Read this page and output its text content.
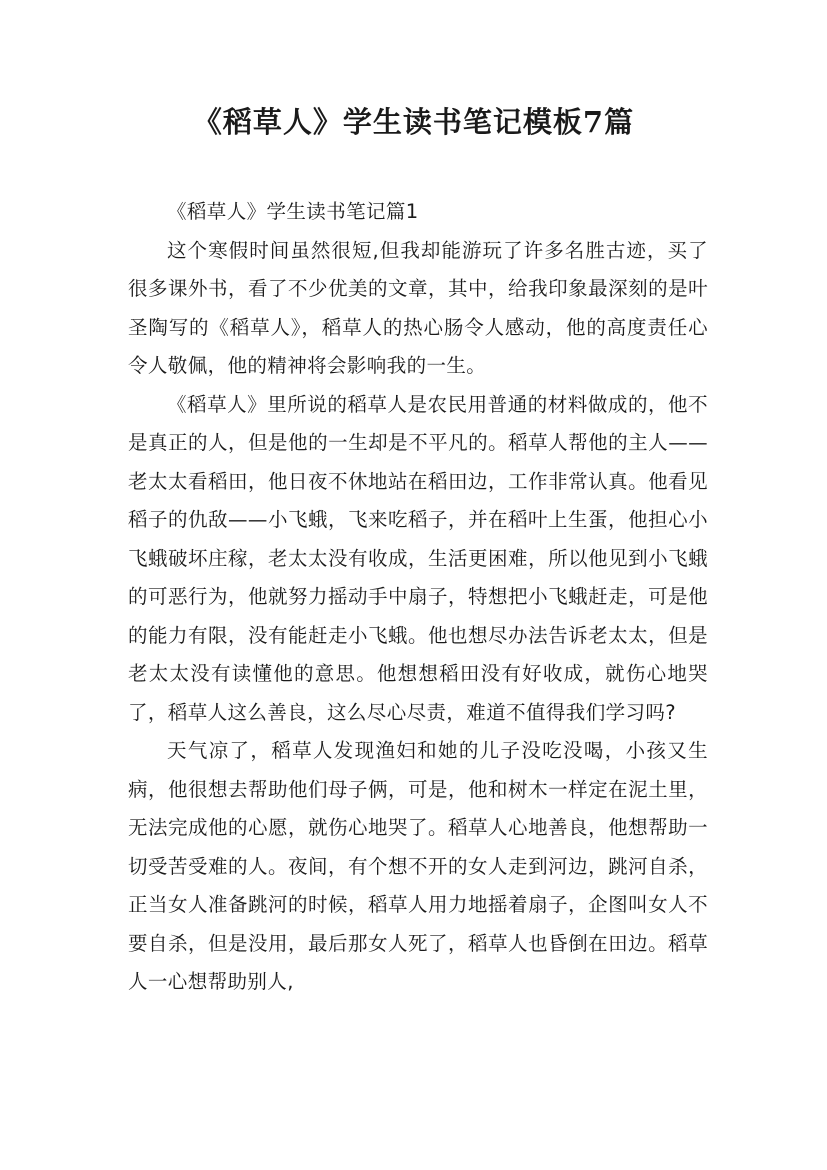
《稻草人》学生读书笔记模板7篇

《稻草人》学生读书笔记篇1

这个寒假时间虽然很短,但我却能游玩了许多名胜古迹，买了很多课外书，看了不少优美的文章，其中，给我印象最深刻的是叶圣陶写的《稻草人》，稻草人的热心肠令人感动，他的高度责任心令人敬佩，他的精神将会影响我的一生。

《稻草人》里所说的稻草人是农民用普通的材料做成的，他不是真正的人，但是他的一生却是不平凡的。稻草人帮他的主人——老太太看稻田，他日夜不休地站在稻田边，工作非常认真。他看见稻子的仇敌——小飞蛾，飞来吃稻子，并在稻叶上生蛋，他担心小飞蛾破坏庄稼，老太太没有收成，生活更困难，所以他见到小飞蛾的可恶行为，他就努力摇动手中扇子，特想把小飞蛾赶走，可是他的能力有限，没有能赶走小飞蛾。他也想尽办法告诉老太太，但是老太太没有读懂他的意思。他想想稻田没有好收成，就伤心地哭了，稻草人这么善良，这么尽心尽责，难道不值得我们学习吗?

天气凉了，稻草人发现渔妇和她的儿子没吃没喝，小孩又生病，他很想去帮助他们母子俩，可是，他和树木一样定在泥土里，无法完成他的心愿，就伤心地哭了。稻草人心地善良，他想帮助一切受苦受难的人。夜间，有个想不开的女人走到河边，跳河自杀，正当女人准备跳河的时候，稻草人用力地摇着扇子，企图叫女人不要自杀，但是没用，最后那女人死了，稻草人也昏倒在田边。稻草人一心想帮助别人,
